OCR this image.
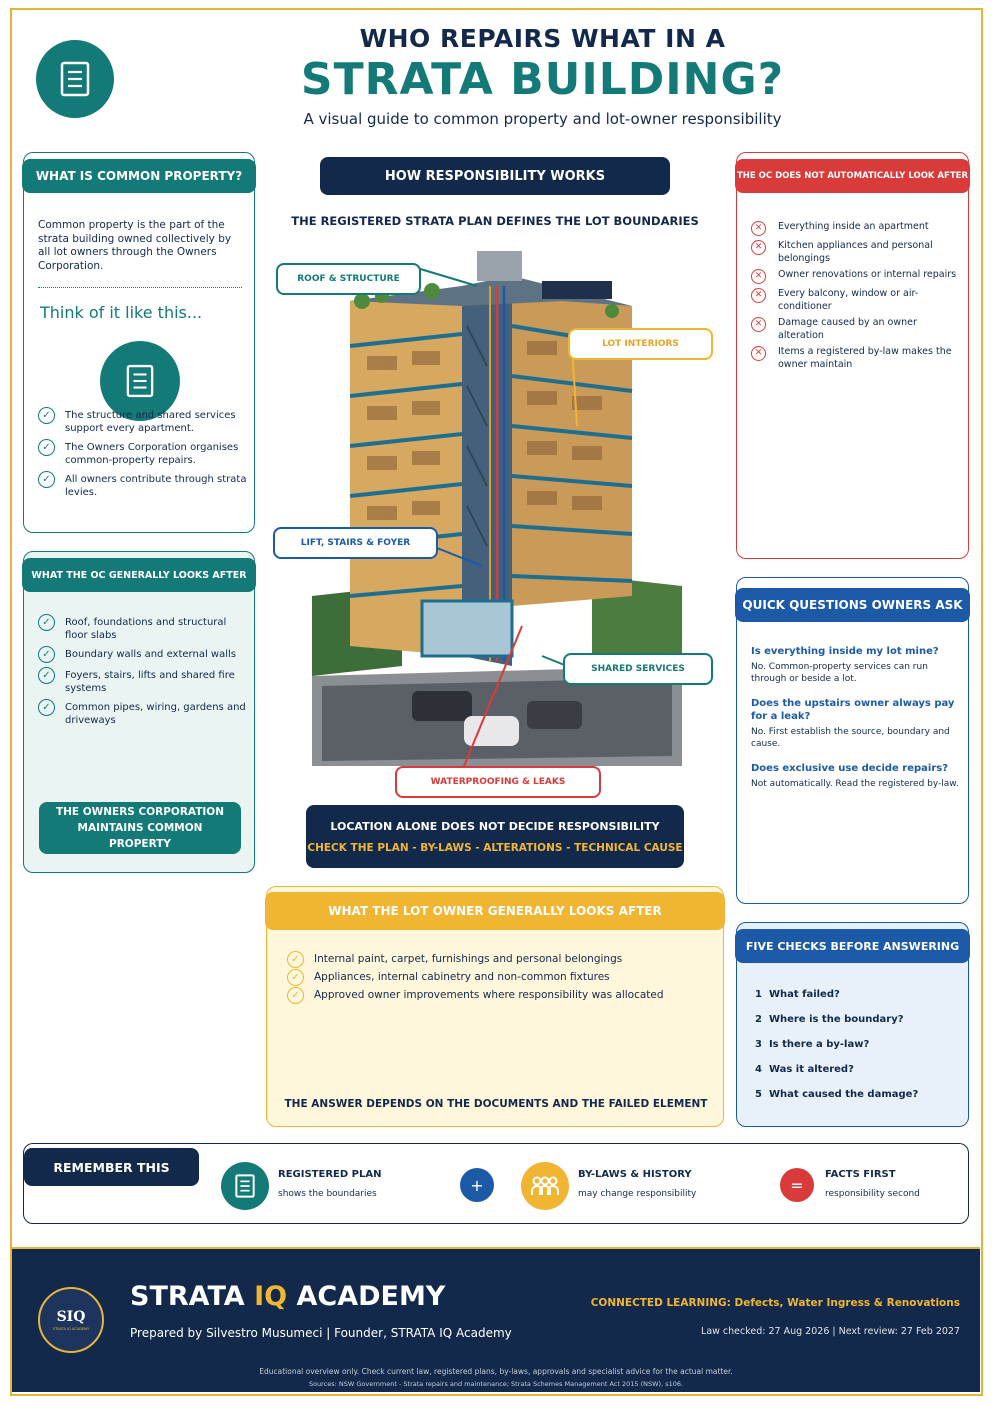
WHO REPAIRS WHAT IN A
STRATA BUILDING?
A visual guide to common property and lot-owner responsibility
WHAT IS COMMON PROPERTY?
Common property is the part of the strata building owned collectively by all lot owners through the Owners Corporation.
Think of it like this...
✓	The structure and shared services support every apartment.
✓	The Owners Corporation organises common-property repairs.
✓	All owners contribute through strata levies.
WHAT THE OC GENERALLY LOOKS AFTER
✓	Roof, foundations and structural floor slabs
✓	Boundary walls and external walls
✓	Foyers, stairs, lifts and shared fire systems
✓	Common pipes, wiring, gardens and driveways
THE OWNERS CORPORATION MAINTAINS COMMON PROPERTY
HOW RESPONSIBILITY WORKS
THE REGISTERED STRATA PLAN DEFINES THE LOT BOUNDARIES
ROOF & STRUCTURE
LOT INTERIORS
LIFT, STAIRS & FOYER
SHARED SERVICES
WATERPROOFING & LEAKS
LOCATION ALONE DOES NOT DECIDE RESPONSIBILITY
CHECK THE PLAN - BY-LAWS - ALTERATIONS - TECHNICAL CAUSE
THE OC DOES NOT AUTOMATICALLY LOOK AFTER
✕	Everything inside an apartment
✕	Kitchen appliances and personal belongings
✕	Owner renovations or internal repairs
✕	Every balcony, window or air-conditioner
✕	Damage caused by an owner alteration
✕	Items a registered by-law makes the owner maintain
QUICK QUESTIONS OWNERS ASK
Is everything inside my lot mine?
No. Common-property services can run through or beside a lot.
Does the upstairs owner always pay for a leak?
No. First establish the source, boundary and cause.
Does exclusive use decide repairs?
Not automatically. Read the registered by-law.
FIVE CHECKS BEFORE ANSWERING
1 What failed?
2 Where is the boundary?
3 Is there a by-law?
4 Was it altered?
5 What caused the damage?
WHAT THE LOT OWNER GENERALLY LOOKS AFTER
✓	Internal paint, carpet, furnishings and personal belongings
✓	Appliances, internal cabinetry and non-common fixtures
✓	Approved owner improvements where responsibility was allocated
THE ANSWER DEPENDS ON THE DOCUMENTS AND THE FAILED ELEMENT
REMEMBER THIS	REGISTERED PLAN
shows the boundaries	+
BY-LAWS & HISTORY
may change responsibility	=
FACTS FIRST
responsibility second
SIQ
STRATA IQ ACADEMY
STRATA IQ ACADEMY
Prepared by Silvestro Musumeci | Founder, STRATA IQ Academy
CONNECTED LEARNING: Defects, Water Ingress & Renovations
Law checked: 27 Aug 2026 | Next review: 27 Feb 2027
Educational overview only. Check current law, registered plans, by-laws, approvals and specialist advice for the actual matter.
Sources: NSW Government - Strata repairs and maintenance; Strata Schemes Management Act 2015 (NSW), s106.
